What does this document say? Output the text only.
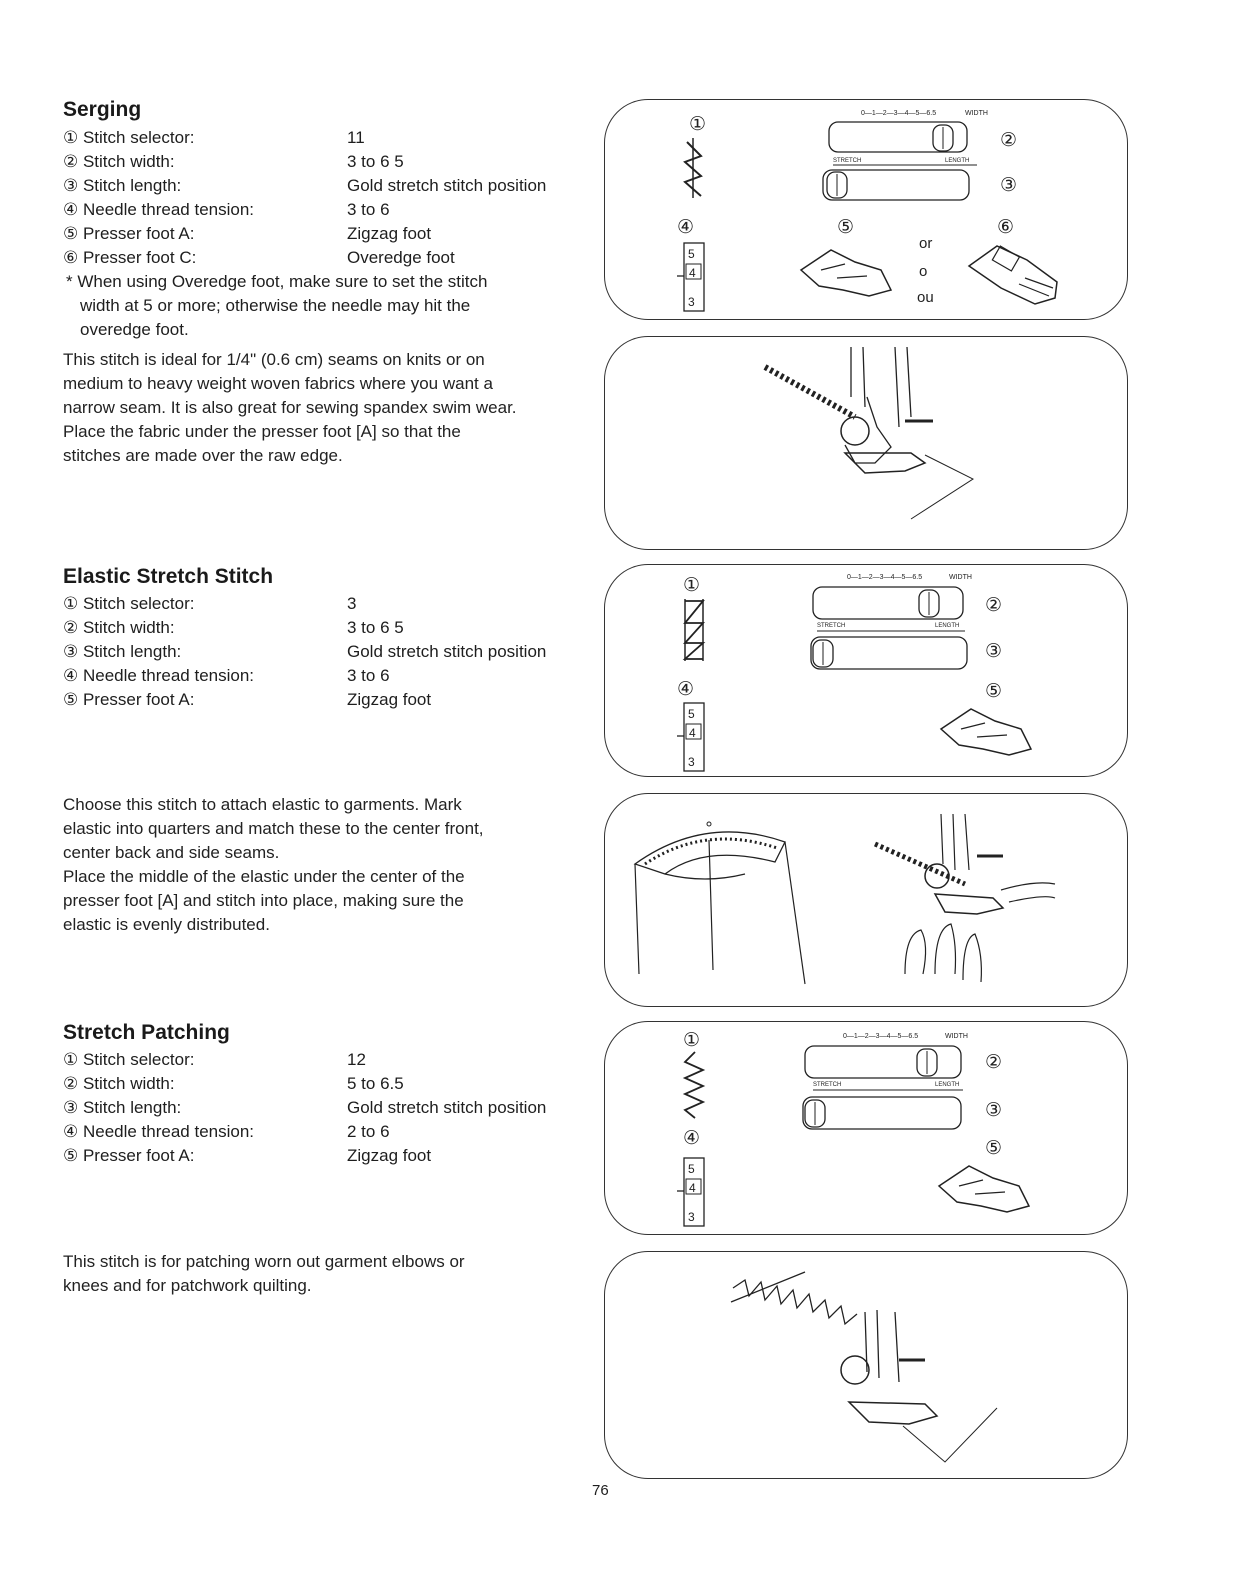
Serging
① Stitch selector:	11
② Stitch width:	3 to 6 5
③ Stitch length:	Gold stretch stitch position
④ Needle thread tension:	3 to 6
⑤ Presser foot A:	Zigzag foot
⑥ Presser foot C:	Overedge foot
* When using Overedge foot, make sure to set the stitch
width at 5 or more; otherwise the needle may hit the
overedge foot.
This stitch is ideal for 1/4" (0.6 cm) seams on knits or on
medium to heavy weight woven fabrics where you want a
narrow seam. It is also great for sewing spandex swim wear.
Place the fabric under the presser foot [A] so that the
stitches are made over the raw edge.
①
②
③
④	⑤	⑥
0—1—2—3—4—5—6.5	WIDTH
STRETCH	LENGTH
5
4
3
or
o
ou
Elastic Stretch Stitch
① Stitch selector:	3
② Stitch width:	3 to 6 5
③ Stitch length:	Gold stretch stitch position
④ Needle thread tension:	3 to 6
⑤ Presser foot A:	Zigzag foot
Choose this stitch to attach elastic to garments. Mark
elastic into quarters and match these to the center front,
center back and side seams.
Place the middle of the elastic under the center of the
presser foot [A] and stitch into place, making sure the
elastic is evenly distributed.
①
②
③
④	⑤
0—1—2—3—4—5—6.5	WIDTH
STRETCH	LENGTH
5
4
3
Stretch Patching
① Stitch selector:	12
② Stitch width:	5 to 6.5
③ Stitch length:	Gold stretch stitch position
④ Needle thread tension:	2 to 6
⑤ Presser foot A:	Zigzag foot
This stitch is for patching worn out garment elbows or
knees and for patchwork quilting.
①
②
③
④	⑤
0—1—2—3—4—5—6.5	WIDTH
STRETCH	LENGTH
5
4
3
76
